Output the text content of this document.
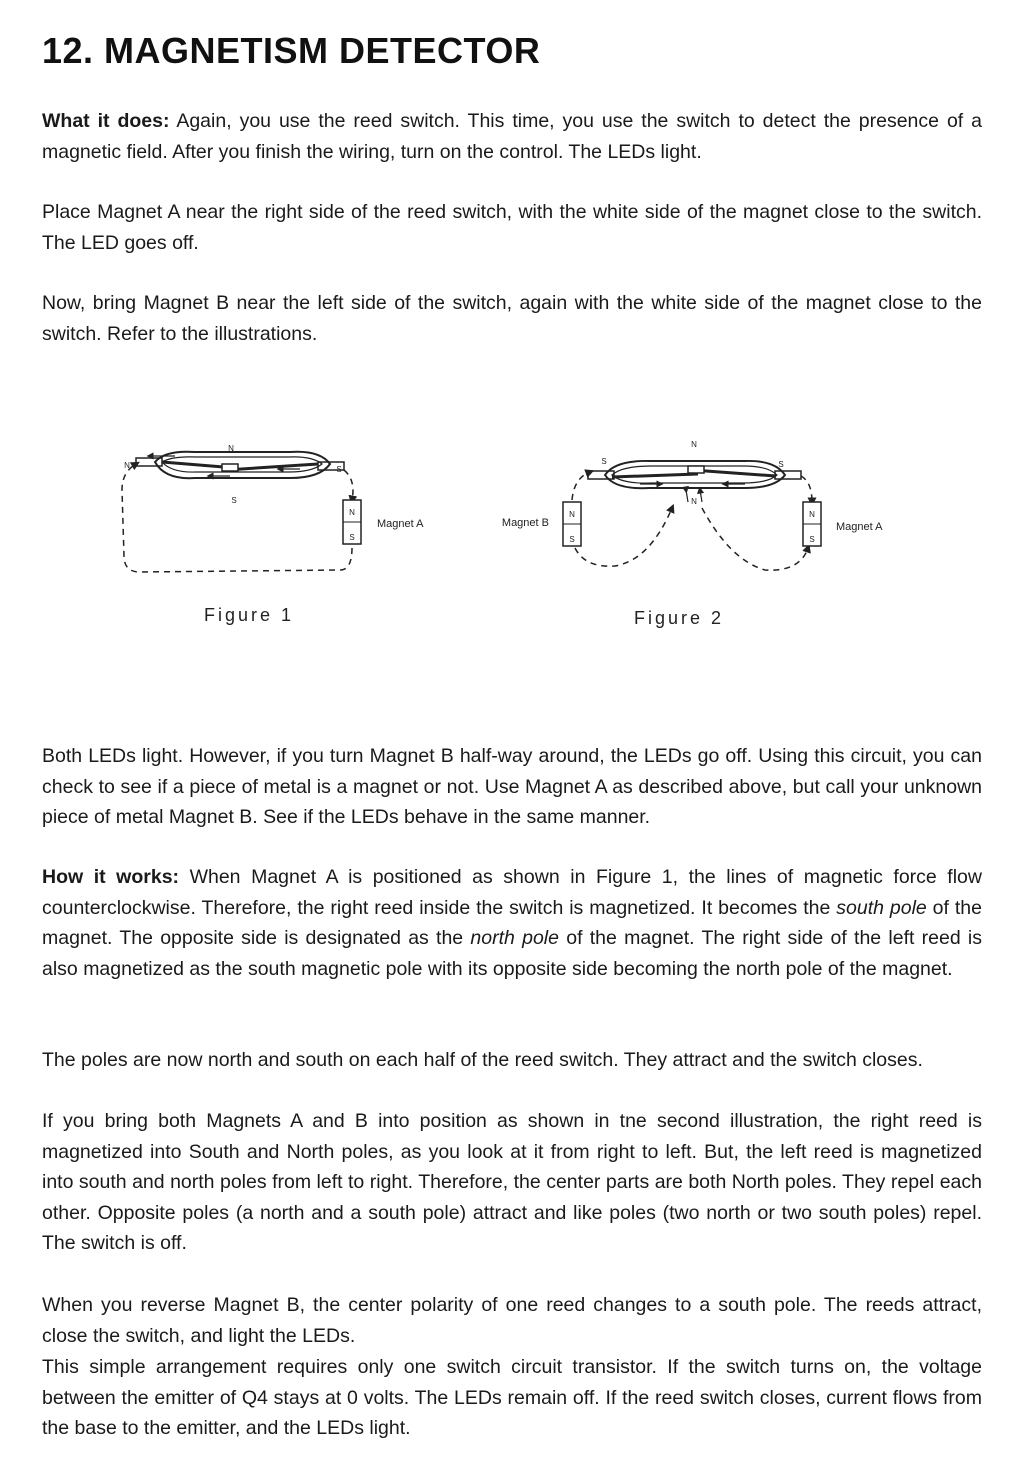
12. MAGNETISM DETECTOR

What it does: Again, you use the reed switch. This time, you use the switch to detect the presence of a magnetic field. After you finish the wiring, turn on the control. The LEDs light.

Place Magnet A near the right side of the reed switch, with the white side of the magnet close to the switch. The LED goes off.

Now, bring Magnet B near the left side of the switch, again with the white side of the magnet close to the switch. Refer to the illustrations.

N
S
Magnet A
N
S
N	S
N
S
Magnet B
N
S
Magnet A
N
S	S
N
Figure 1	Figure 2

Both LEDs light. However, if you turn Magnet B half-way around, the LEDs go off. Using this circuit, you can check to see if a piece of metal is a magnet or not. Use Magnet A as described above, but call your unknown piece of metal Magnet B. See if the LEDs behave in the same manner.

How it works: When Magnet A is positioned as shown in Figure 1, the lines of magnetic force flow counterclockwise. Therefore, the right reed inside the switch is magnetized. It becomes the south pole of the magnet. The opposite side is designated as the north pole of the magnet. The right side of the left reed is also magnetized as the south magnetic pole with its opposite side becoming the north pole of the magnet.

The poles are now north and south on each half of the reed switch. They attract and the switch closes.

If you bring both Magnets A and B into position as shown in tne second illustration, the right reed is magnetized into South and North poles, as you look at it from right to left. But, the left reed is magnetized into south and north poles from left to right. Therefore, the center parts are both North poles. They repel each other. Opposite poles (a north and a south pole) attract and like poles (two north or two south poles) repel. The switch is off.

When you reverse Magnet B, the center polarity of one reed changes to a south pole. The reeds attract, close the switch, and light the LEDs.

This simple arrangement requires only one switch circuit transistor. If the switch turns on, the voltage between the emitter of Q4 stays at 0 volts. The LEDs remain off. If the reed switch closes, current flows from the base to the emitter, and the LEDs light.
